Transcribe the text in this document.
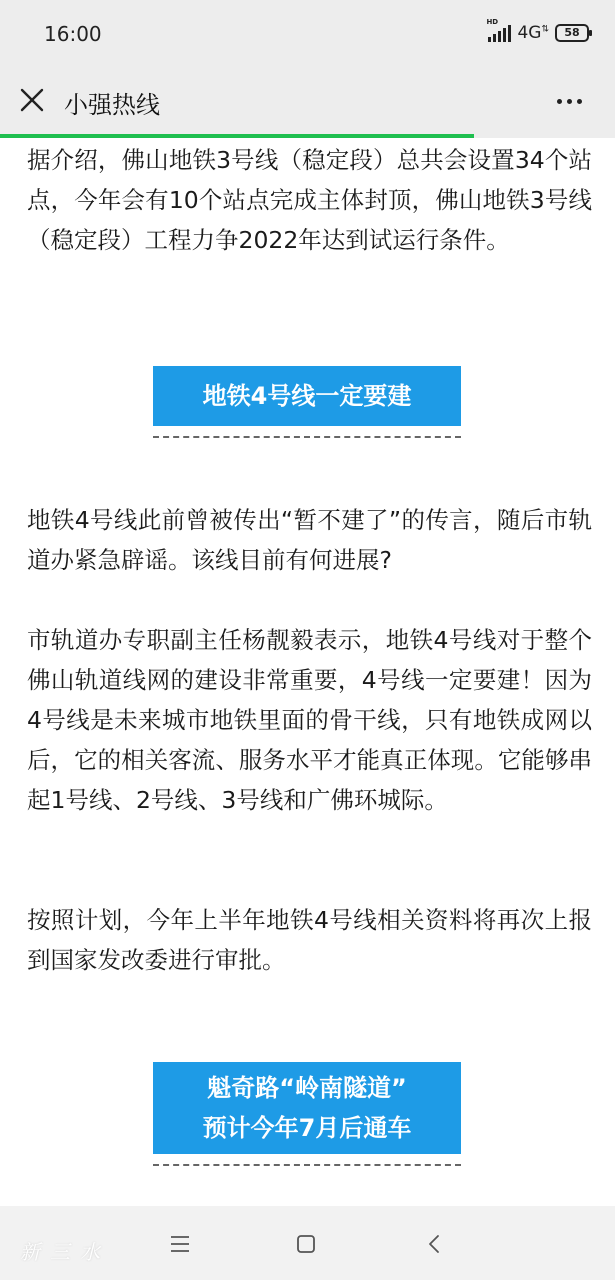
16:00	HD
4G⇅	58
小强热线

据介绍，佛山地铁3号线（稳定段）总共会设置34个站点，今年会有10个站点完成主体封顶，佛山地铁3号线（稳定段）工程力争2022年达到试运行条件。

地铁4号线一定要建

地铁4号线此前曾被传出“暂不建了”的传言，随后市轨道办紧急辟谣。该线目前有何进展?

市轨道办专职副主任杨靓毅表示，地铁4号线对于整个佛山轨道线网的建设非常重要，4号线一定要建！因为4号线是未来城市地铁里面的骨干线，只有地铁成网以后，它的相关客流、服务水平才能真正体现。它能够串起1号线、2号线、3号线和广佛环城际。

按照计划，今年上半年地铁4号线相关资料将再次上报到国家发改委进行审批。

魁奇路“岭南隧道”
预计今年7月后通车
新三水
